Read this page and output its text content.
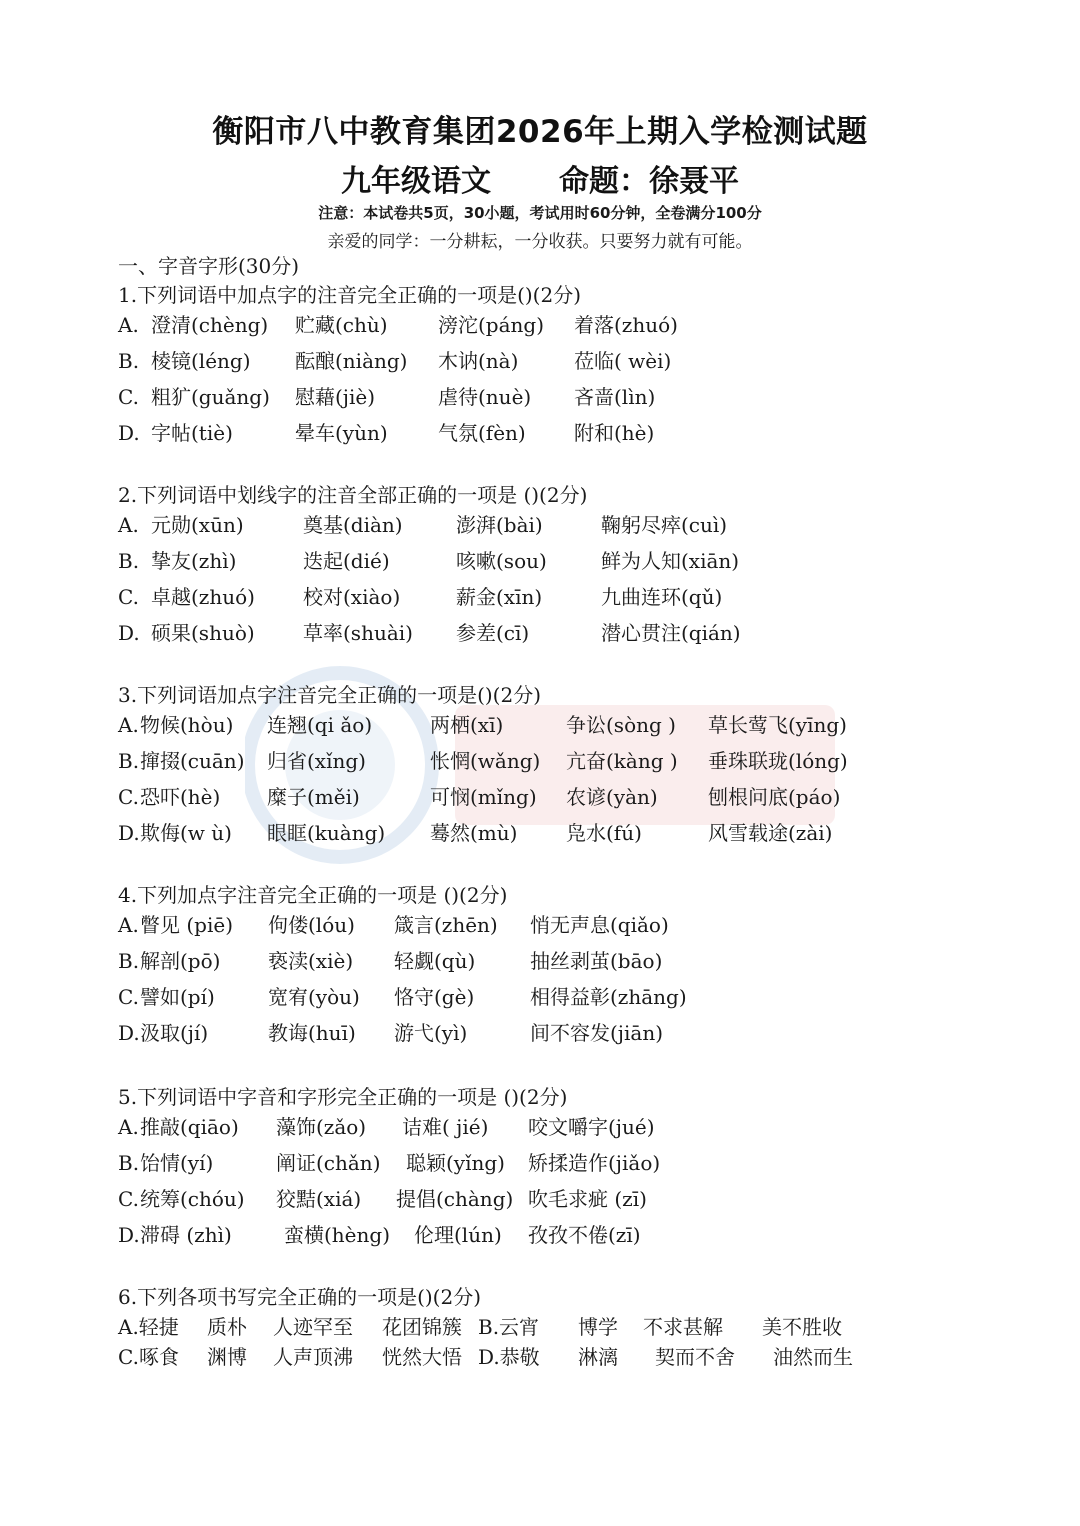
衡阳市八中教育集团2026年上期入学检测试题
九年级语文 命题：徐聂平
注意：本试卷共5页，30小题，考试用时60分钟，全卷满分100分
亲爱的同学：一分耕耘，一分收获。只要努力就有可能。
一、字音字形(30分)
1.下列词语中加点字的注音完全正确的一项是()(2分)
A. 澄清(chèng) 贮藏(chù)	滂沱(páng) 着落(zhuó)
B. 棱镜(léng) 酝酿(niàng) 木讷(nà)	莅临( wèi)
C. 粗犷(guǎng) 慰藉(jiè)	虐待(nuè) 吝啬(lìn)
D. 字帖(tiè)	晕车(yùn)	气氛(fèn) 附和(hè)
2.下列词语中划线字的注音全部正确的一项是 ()(2分)
A. 元勋(xūn)	奠基(diàn)	澎湃(bài)	鞠躬尽瘁(cuì)
B. 挚友(zhì)	迭起(dié)	咳嗽(sou)	鲜为人知(xiān)
C. 卓越(zhuó) 校对(xiào)	薪金(xīn)	九曲连环(qǔ)
D. 硕果(shuò) 草率(shuài) 参差(cī)	潜心贯注(qián)
3.下列词语加点字注音完全正确的一项是()(2分)
A. 物候(hòu) 连翘(qi ǎo)	两栖(xī)	争讼(sòng ) 草长莺飞(yīng)
B. 撺掇(cuān) 归省(xǐng)	怅惘(wǎng) 亢奋(kàng ) 垂珠联珑(lóng)
C. 恐吓(hè) 糜子(měi)	可悯(mǐng) 农谚(yàn)	刨根问底(páo)
D. 欺侮(w ù) 眼眶(kuàng) 蓦然(mù) 凫水(fú)	风雪载途(zài)
4.下列加点字注音完全正确的一项是 ()(2分)
A. 瞥见 (piē) 佝偻(lóu) 箴言(zhēn) 悄无声息(qiǎo)
B. 解剖(pō) 亵渎(xiè) 轻觑(qù)	抽丝剥茧(bāo)
C. 譬如(pí)	宽宥(yòu) 恪守(gè)	相得益彰(zhāng)
D. 汲取(jí)	教诲(huī) 游弋(yì)	间不容发(jiān)
5.下列词语中字音和字形完全正确的一项是 ()(2分)
A. 推敲(qiāo) 藻饰(zǎo) 诘难( jié) 咬文嚼字(jué)
B. 饴情(yí)	阐证(chǎn) 聪颖(yǐng) 矫揉造作(jiǎo)
C. 统筹(chóu) 狡黠(xiá) 提倡(chàng) 吹毛求疵 (zī)
D. 滞碍 (zhì)	蛮横(hèng) 伦理(lún) 孜孜不倦(zī)
6.下列各项书写完全正确的一项是()(2分)
A.轻捷 质朴 人迹罕至 花团锦簇 B.云宵 博学 不求甚解 美不胜收
C.啄食 渊博 人声顶沸 恍然大悟 D.恭敬 淋漓 契而不舍 油然而生
